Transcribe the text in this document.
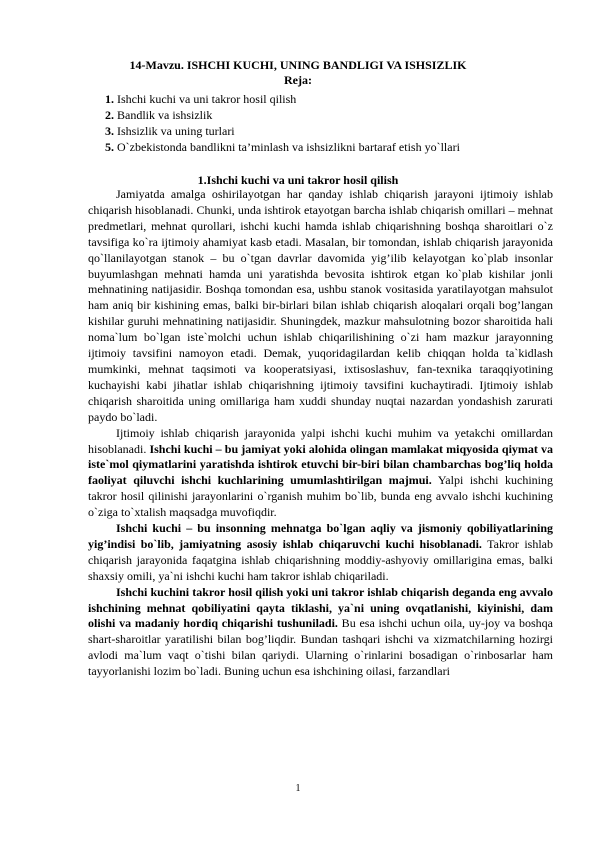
14-Mavzu. ISHCHI KUCHI, UNING BANDLIGI VA ISHSIZLIK
Reja:
1. Ishchi kuchi va uni takror hosil qilish
2. Bandlik va ishsizlik
3. Ishsizlik va uning turlari
5. O`zbekistonda bandlikni ta’minlash va ishsizlikni bartaraf etish yo`llari
1.Ishchi kuchi va uni takror hosil qilish

Jamiyatda amalga oshirilayotgan har qanday ishlab chiqarish jarayoni ijtimoiy ishlab chiqarish hisoblanadi. Chunki, unda ishtirok etayotgan barcha ishlab chiqarish omillari – mehnat predmetlari, mehnat qurollari, ishchi kuchi hamda ishlab chiqarishning boshqa sharoitlari o`z tavsifiga ko`ra ijtimoiy ahamiyat kasb etadi. Masalan, bir tomondan, ishlab chiqarish jarayonida qo`llanilayotgan stanok – bu o`tgan davrlar davomida yig’ilib kelayotgan ko`plab insonlar buyumlashgan mehnati hamda uni yaratishda bevosita ishtirok etgan ko`plab kishilar jonli mehnatining natijasidir. Boshqa tomondan esa, ushbu stanok vositasida yaratilayotgan mahsulot ham aniq bir kishining emas, balki bir-birlari bilan ishlab chiqarish aloqalari orqali bog’langan kishilar guruhi mehnatining natijasidir. Shuningdek, mazkur mahsulotning bozor sharoitida hali noma`lum bo`lgan iste`molchi uchun ishlab chiqarilishining o`zi ham mazkur jarayonning ijtimoiy tavsifini namoyon etadi. Demak, yuqoridagilardan kelib chiqqan holda ta`kidlash mumkinki, mehnat taqsimoti va kooperatsiyasi, ixtisoslashuv, fan-texnika taraqqiyotining kuchayishi kabi jihatlar ishlab chiqarishning ijtimoiy tavsifini kuchaytiradi. Ijtimoiy ishlab chiqarish sharoitida uning omillariga ham xuddi shunday nuqtai nazardan yondashish zarurati paydo bo`ladi.

Ijtimoiy ishlab chiqarish jarayonida yalpi ishchi kuchi muhim va yetakchi omillardan hisoblanadi. Ishchi kuchi – bu jamiyat yoki alohida olingan mamlakat miqyosida qiymat va iste`mol qiymatlarini yaratishda ishtirok etuvchi bir-biri bilan chambarchas bog’liq holda faoliyat qiluvchi ishchi kuchlarining umumlashtirilgan majmui. Yalpi ishchi kuchining takror hosil qilinishi jarayonlarini o`rganish muhim bo`lib, bunda eng avvalo ishchi kuchining o`ziga to`xtalish maqsadga muvofiqdir.

Ishchi kuchi – bu insonning mehnatga bo`lgan aqliy va jismoniy qobiliyatlarining yig’indisi bo`lib, jamiyatning asosiy ishlab chiqaruvchi kuchi hisoblanadi. Takror ishlab chiqarish jarayonida faqatgina ishlab chiqarishning moddiy-ashyoviy omillarigina emas, balki shaxsiy omili, ya`ni ishchi kuchi ham takror ishlab chiqariladi.

Ishchi kuchini takror hosil qilish yoki uni takror ishlab chiqarish deganda eng avvalo ishchining mehnat qobiliyatini qayta tiklashi, ya`ni uning ovqatlanishi, kiyinishi, dam olishi va madaniy hordiq chiqarishi tushuniladi. Bu esa ishchi uchun oila, uy-joy va boshqa shart-sharoitlar yaratilishi bilan bog’liqdir. Bundan tashqari ishchi va xizmatchilarning hozirgi avlodi ma`lum vaqt o`tishi bilan qariydi. Ularning o`rinlarini bosadigan o`rinbosarlar ham tayyorlanishi lozim bo`ladi. Buning uchun esa ishchining oilasi, farzandlari

1
